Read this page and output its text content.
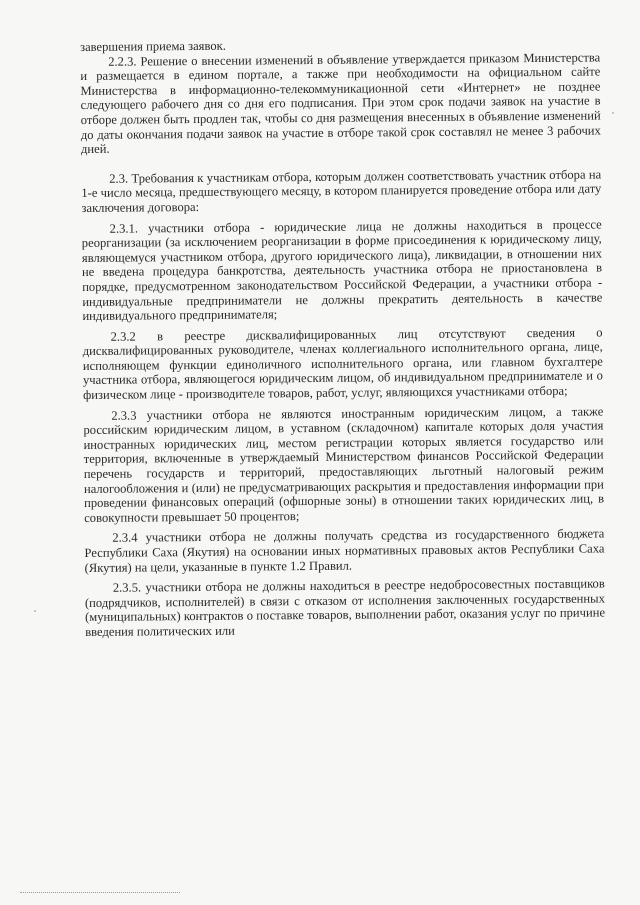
завершения приема заявок.

2.2.3. Решение о внесении изменений в объявление утверждается приказом Министерства и размещается в едином портале, а также при необходимости на официальном сайте Министерства в информационно-телекоммуникационной сети «Интернет» не позднее следующего рабочего дня со дня его подписания. При этом срок подачи заявок на участие в отборе должен быть продлен так, чтобы со дня размещения внесенных в объявление изменений до даты окончания подачи заявок на участие в отборе такой срок составлял не менее 3 рабочих дней.

2.3. Требования к участникам отбора, которым должен соответствовать участник отбора на 1-е число месяца, предшествующего месяцу, в котором планируется проведение отбора или дату заключения договора:

2.3.1. участники отбора - юридические лица не должны находиться в процессе реорганизации (за исключением реорганизации в форме присоединения к юридическому лицу, являющемуся участником отбора, другого юридического лица), ликвидации, в отношении них не введена процедура банкротства, деятельность участника отбора не приостановлена в порядке, предусмотренном законодательством Российской Федерации, а участники отбора - индивидуальные предприниматели не должны прекратить деятельность в качестве индивидуального предпринимателя;

2.3.2 в реестре дисквалифицированных лиц отсутствуют сведения о дисквалифицированных руководителе, членах коллегиального исполнительного органа, лице, исполняющем функции единоличного исполнительного органа, или главном бухгалтере участника отбора, являющегося юридическим лицом, об индивидуальном предпринимателе и о физическом лице - производителе товаров, работ, услуг, являющихся участниками отбора;

2.3.3 участники отбора не являются иностранным юридическим лицом, а также российским юридическим лицом, в уставном (складочном) капитале которых доля участия иностранных юридических лиц, местом регистрации которых является государство или территория, включенные в утверждаемый Министерством финансов Российской Федерации перечень государств и территорий, предоставляющих льготный налоговый режим налогообложения и (или) не предусматривающих раскрытия и предоставления информации при проведении финансовых операций (офшорные зоны) в отношении таких юридических лиц, в совокупности превышает 50 процентов;

2.3.4 участники отбора не должны получать средства из государственного бюджета Республики Саха (Якутия) на основании иных нормативных правовых актов Республики Саха (Якутия) на цели, указанные в пункте 1.2 Правил.

2.3.5. участники отбора не должны находиться в реестре недобросовестных поставщиков (подрядчиков, исполнителей) в связи с отказом от исполнения заключенных государственных (муниципальных) контрактов о поставке товаров, выполнении работ, оказания услуг по причине введения политических или
